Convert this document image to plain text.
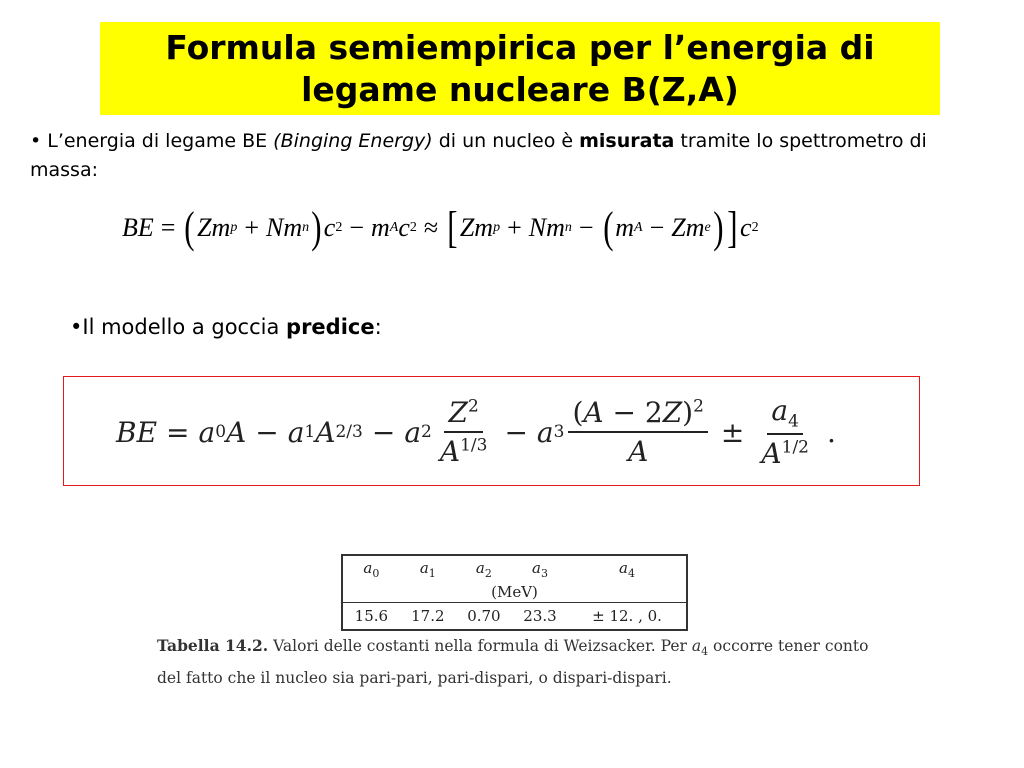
Formula semiempirica per l’energia di
legame nucleare B(Z,A)
• L’energia di legame BE (Binging Energy) di un nucleo è misurata tramite lo spettrometro di massa:
BE = ( Zm p + Nm n ) c 2 − m A c 2 ≈ [ Zm p + Nm n − ( m A − Zm e ) ] c 2
•Il modello a goccia predice:
BE = a 0 A − a 1 A 2/3 − a $2 \frac{Z^2}{A^{1/3}} - a$ $3 \frac{(A - 2Z)^2}{A} \pm \frac{a_4}{A^{1/2}}$ .
$a_0$	$a_1$	$a_2$	$a_3$	$a_4$
(MeV)				
15.6	17.2	0.70	23.3	± 12. , 0.
Tabella 14.2. Valori delle costanti nella formula di Weizsacker. Per $a_4$ occorre tener conto del fatto che il nucleo sia pari-pari, pari-dispari, o dispari-dispari.
